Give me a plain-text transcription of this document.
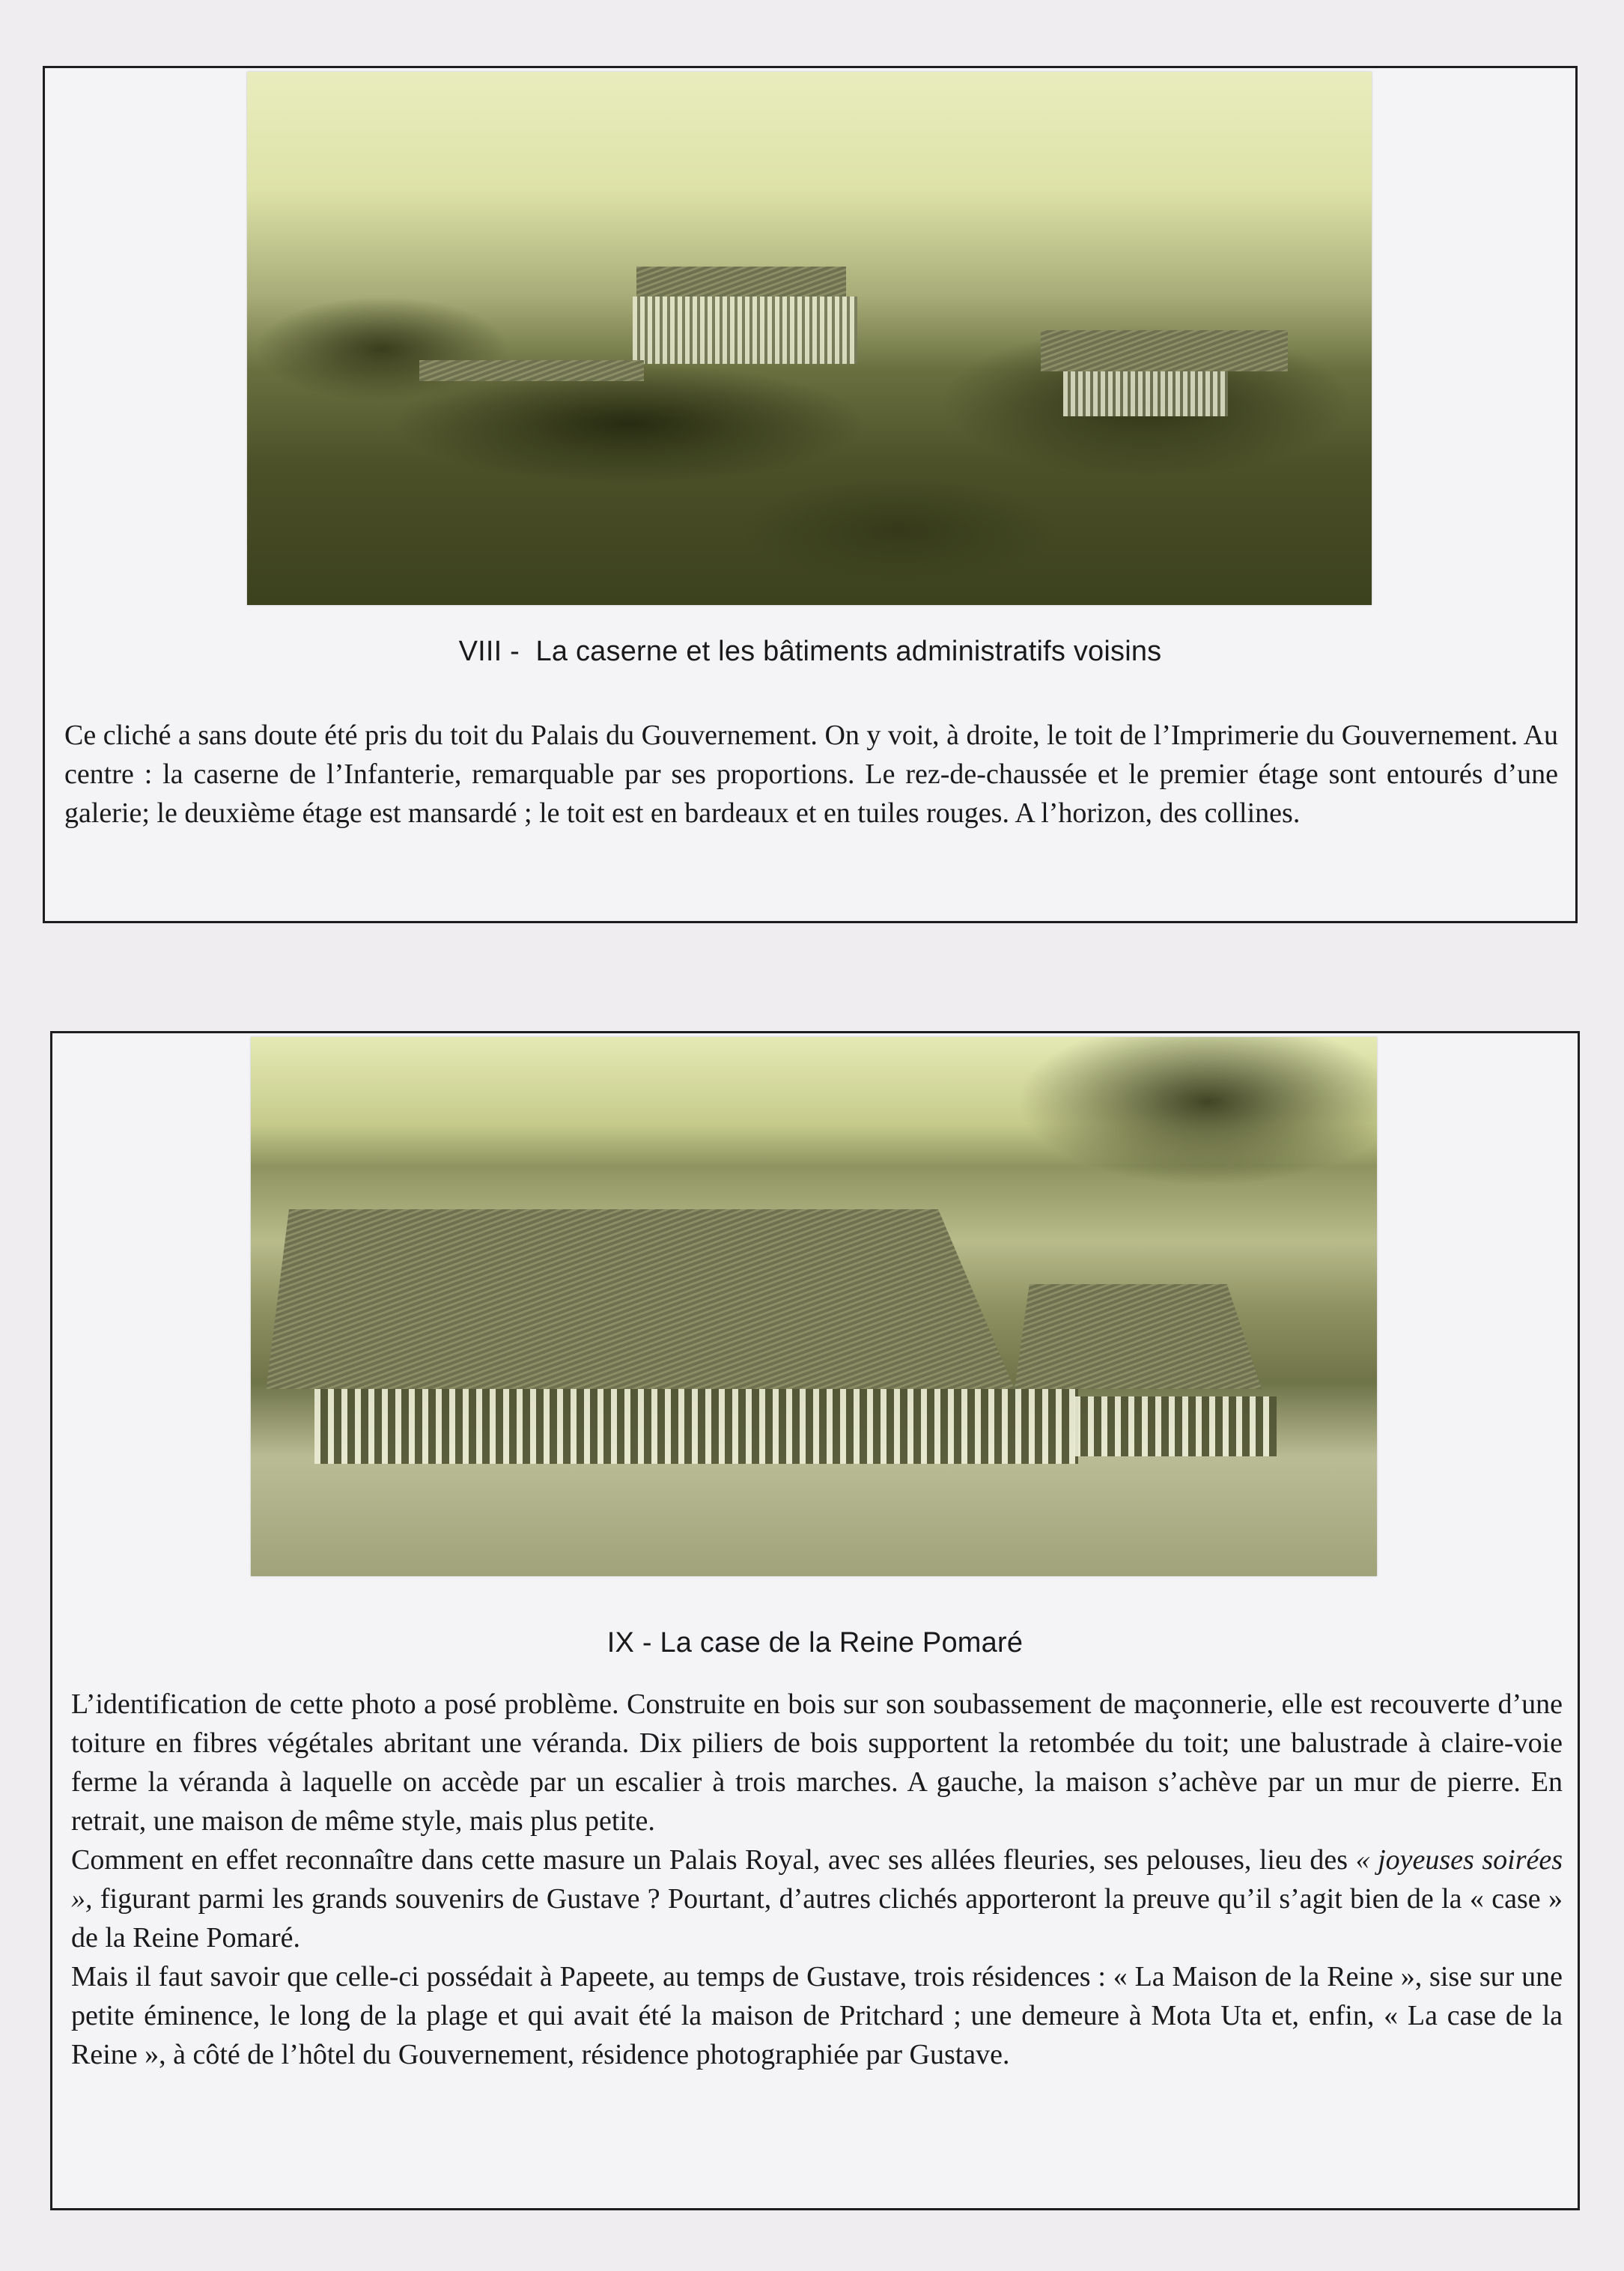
VIII -  La caserne et les bâtiments administratifs voisins

Ce cliché a sans doute été pris du toit du Palais du Gouvernement. On y voit, à droite, le toit de l’Imprimerie du Gouvernement. Au centre : la caserne de l’Infanterie, remarquable par ses proportions. Le rez-de-chaussée et le premier étage sont entourés d’une galerie; le deuxième étage est mansardé ; le toit est en bardeaux et en tuiles rouges. A l’horizon, des collines.

IX - La case de la Reine Pomaré

L’identification de cette photo a posé problème. Construite en bois sur son soubassement de maçonnerie, elle est recouverte d’une toiture en fibres végétales abritant une véranda. Dix piliers de bois supportent la retombée du toit; une balustrade à claire-voie ferme la véranda à laquelle on accède par un escalier à trois marches. A gauche, la maison s’achève par un mur de pierre. En retrait, une maison de même style, mais plus petite.

Comment en effet reconnaître dans cette masure un Palais Royal, avec ses allées fleuries, ses pelouses, lieu des « joyeuses soirées », figurant parmi les grands souvenirs de Gustave ? Pourtant, d’autres clichés apporteront la preuve qu’il s’agit bien de la « case » de la Reine Pomaré.

Mais il faut savoir que celle-ci possédait à Papeete, au temps de Gustave, trois résidences : « La Maison de la Reine », sise sur une petite éminence, le long de la plage et qui avait été la maison de Pritchard ; une demeure à Mota Uta et, enfin, « La case de la Reine », à côté de l’hôtel du Gouvernement, résidence photographiée par Gustave.
